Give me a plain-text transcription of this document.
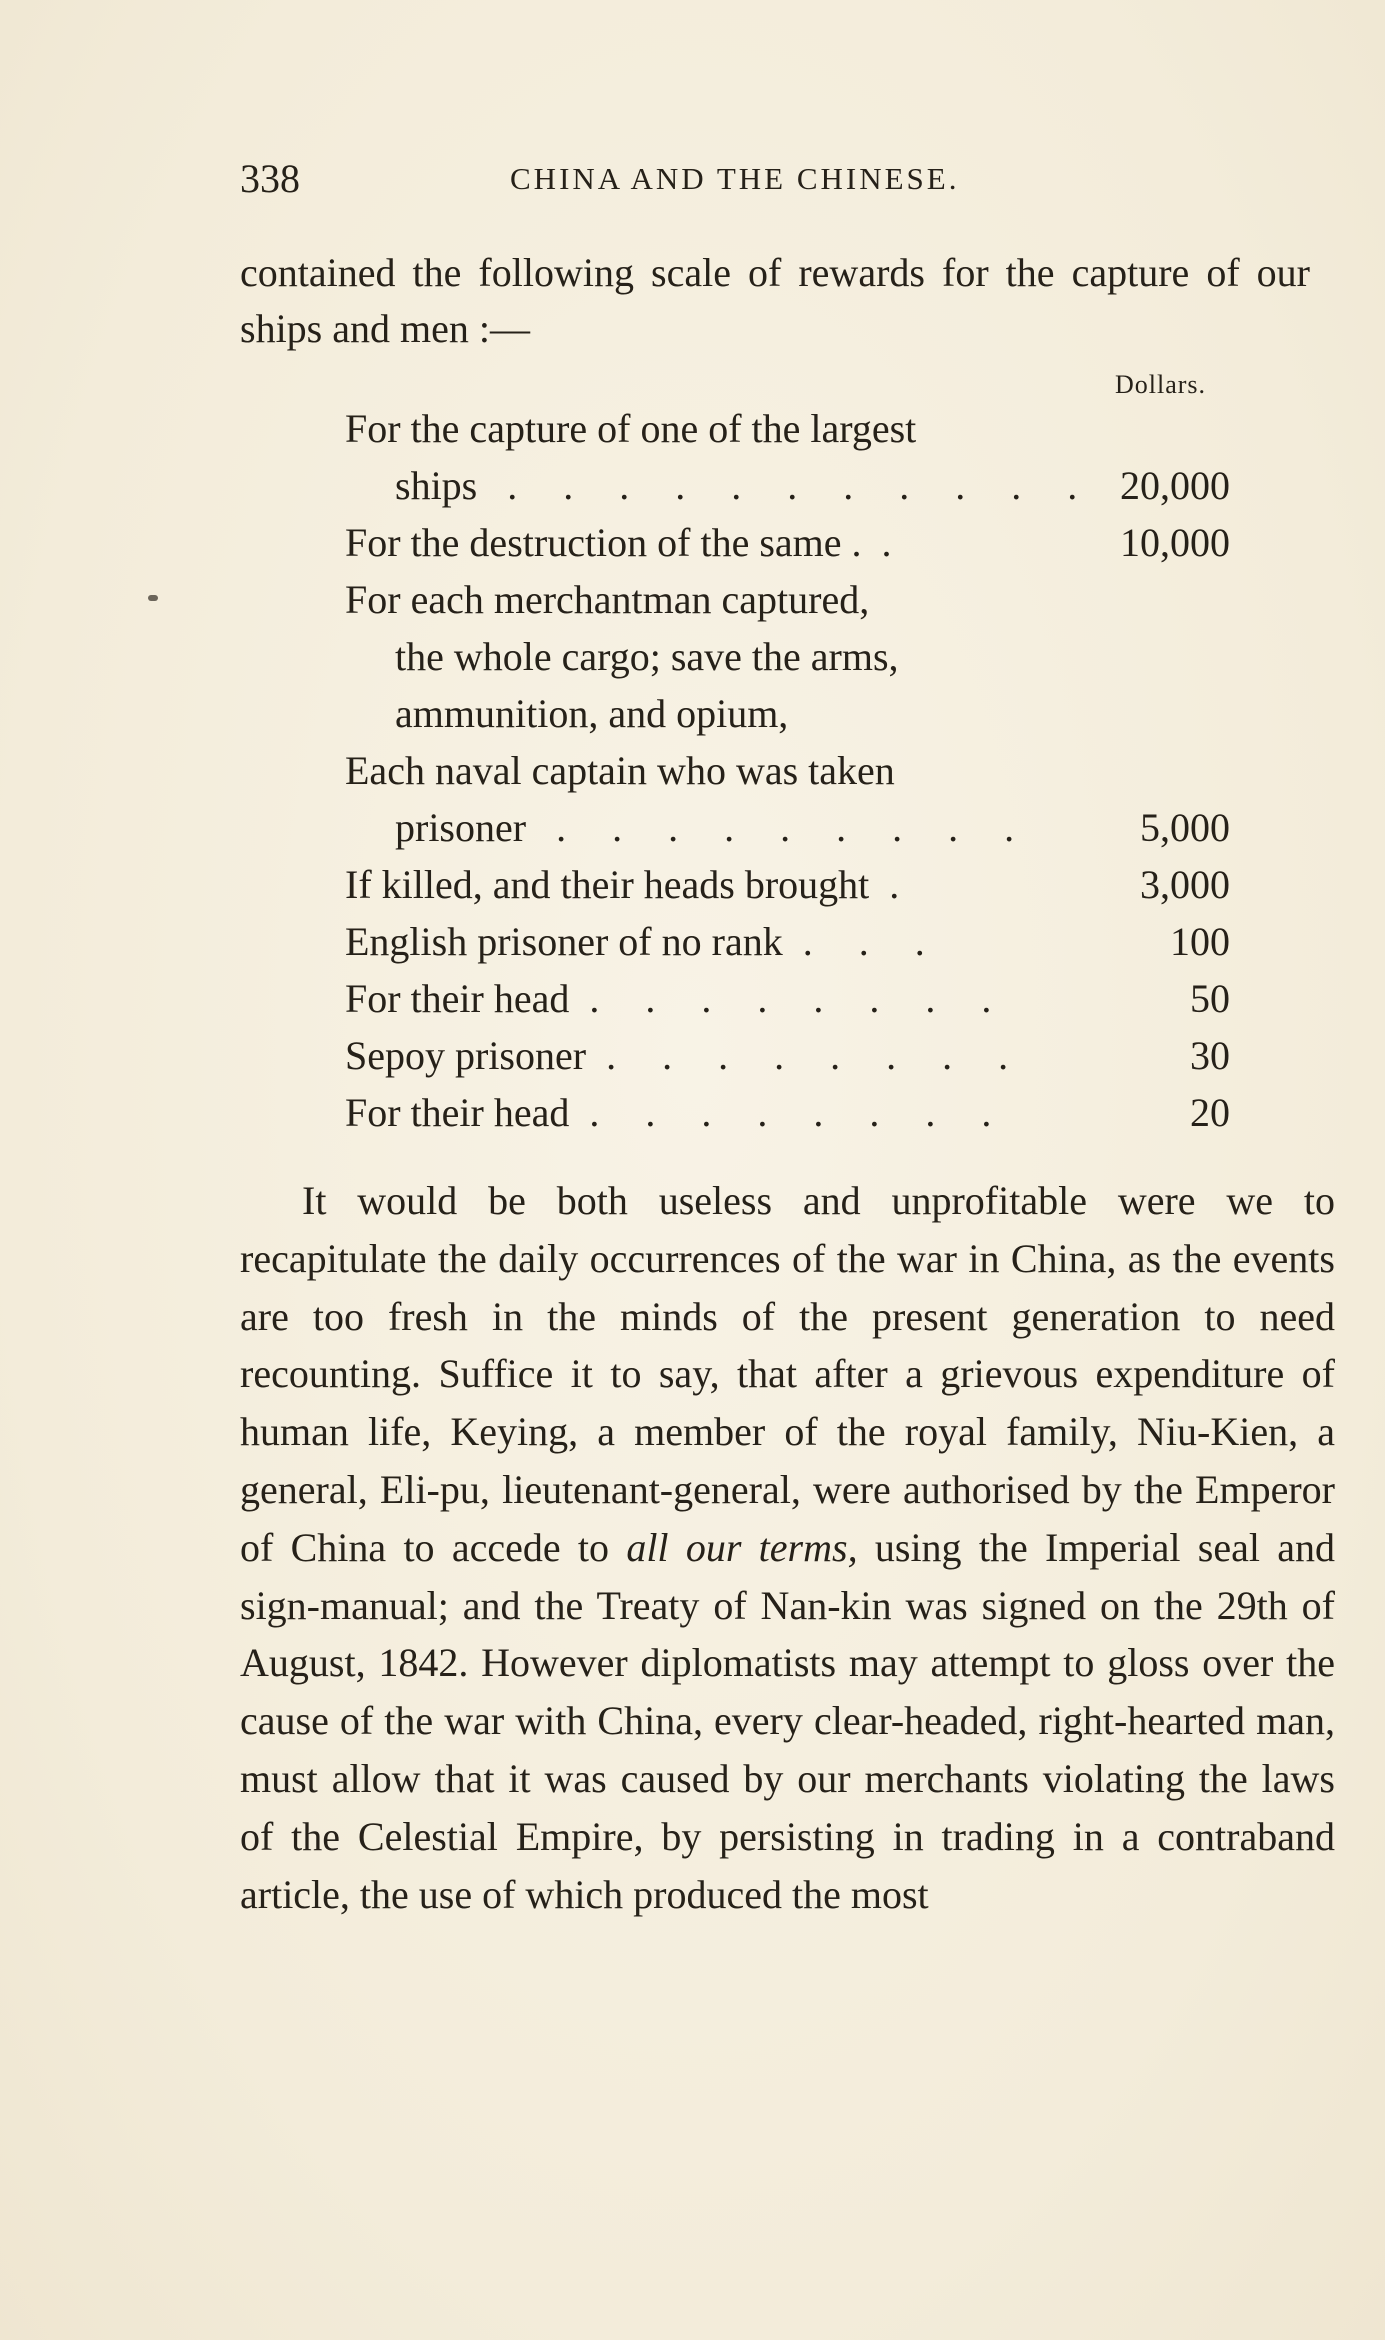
338	CHINA AND THE CHINESE.
contained the following scale of rewards for the capture of our ships and men :—
Dollars.
For the capture of one of the largest
ships . . . . . . . . . . . 20,000
For the destruction of the same . .	10,000
For each merchantman captured,
the whole cargo; save the arms,
ammunition, and opium,
Each naval captain who was taken
prisoner . . . . . . . . .	5,000
If killed, and their heads brought .	3,000
English prisoner of no rank . . .	100
For their head . . . . . . . .	50
Sepoy prisoner . . . . . . . .	30
For their head . . . . . . . .	20

It would be both useless and unprofitable were we to recapitulate the daily occurrences of the war in China, as the events are too fresh in the minds of the present generation to need recounting. Suffice it to say, that after a grievous expenditure of human life, Keying, a member of the royal family, Niu-Kien, a general, Eli-pu, lieutenant-general, were authorised by the Emperor of China to accede to all our terms, using the Imperial seal and sign-manual; and the Treaty of Nan-kin was signed on the 29th of August, 1842. However diplomatists may attempt to gloss over the cause of the war with China, every clear-headed, right-hearted man, must allow that it was caused by our merchants violating the laws of the Celestial Empire, by persisting in trading in a contraband article, the use of which produced the most
